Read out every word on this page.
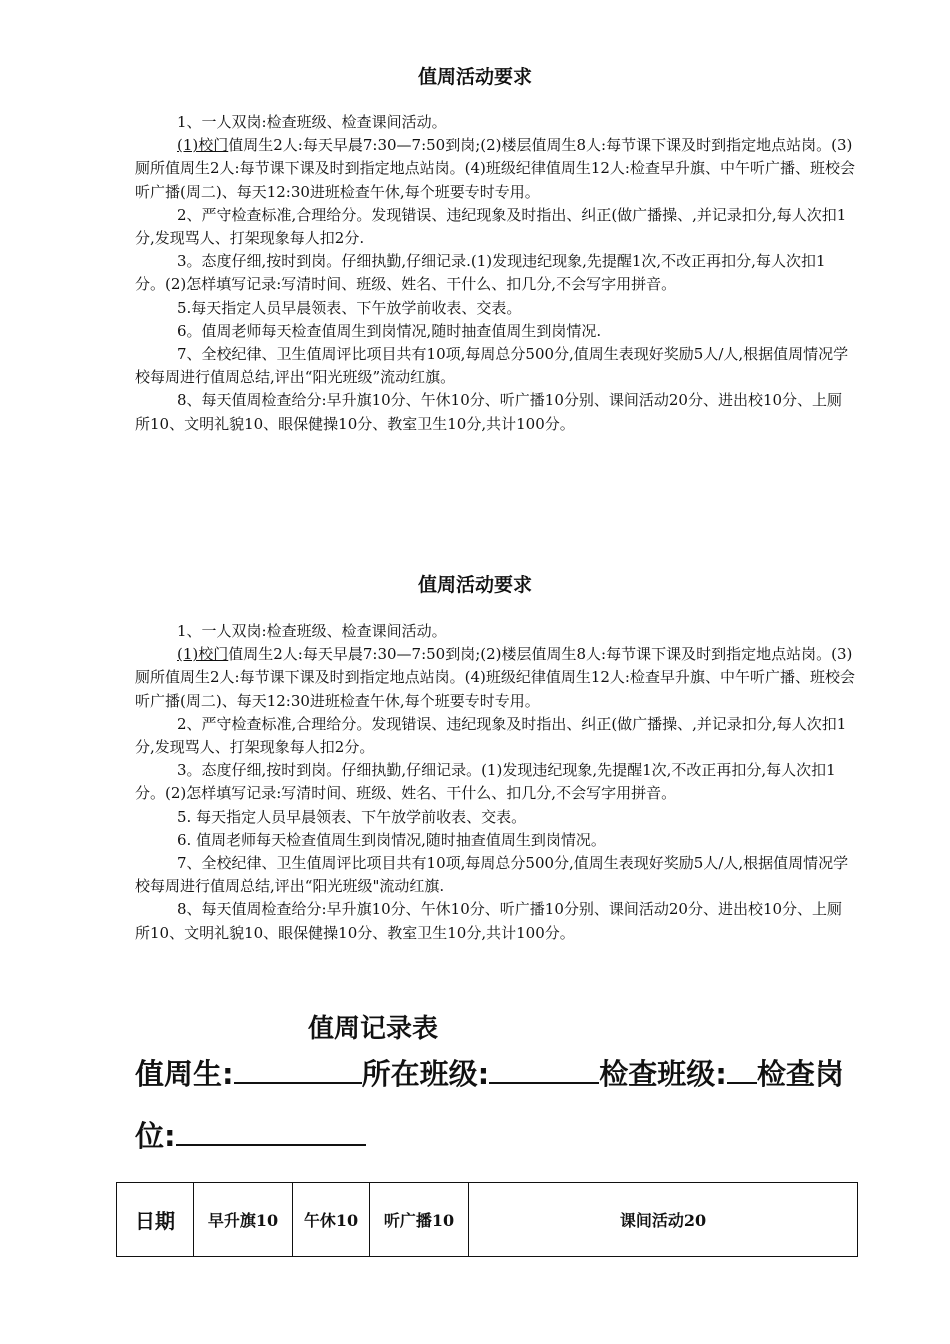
值周活动要求

1、一人双岗:检查班级、检查课间活动。

(1)校门值周生2人:每天早晨7:30—7:50到岗;(2)楼层值周生8人:每节课下课及时到指定地点站岗。(3)厕所值周生2人:每节课下课及时到指定地点站岗。(4)班级纪律值周生12人:检查早升旗、中午听广播、班校会听广播(周二)、每天12:30进班检查午休,每个班要专时专用。

2、严守检查标准,合理给分。发现错误、违纪现象及时指出、纠正(做广播操、,并记录扣分,每人次扣1分,发现骂人、打架现象每人扣2分.

3。态度仔细,按时到岗。仔细执勤,仔细记录.(1)发现违纪现象,先提醒1次,不改正再扣分,每人次扣1分。(2)怎样填写记录:写清时间、班级、姓名、干什么、扣几分,不会写字用拼音。

5.每天指定人员早晨领表、下午放学前收表、交表。

6。值周老师每天检查值周生到岗情况,随时抽查值周生到岗情况.

7、全校纪律、卫生值周评比项目共有10项,每周总分500分,值周生表现好奖励5人/人,根据值周情况学校每周进行值周总结,评出“阳光班级”流动红旗。

8、每天值周检查给分:早升旗10分、午休10分、听广播10分别、课间活动20分、进出校10分、上厕所10、文明礼貌10、眼保健操10分、教室卫生10分,共计100分。

值周活动要求

1、一人双岗:检查班级、检查课间活动。

(1)校门值周生2人:每天早晨7:30—7:50到岗;(2)楼层值周生8人:每节课下课及时到指定地点站岗。(3)厕所值周生2人:每节课下课及时到指定地点站岗。(4)班级纪律值周生12人:检查早升旗、中午听广播、班校会听广播(周二)、每天12:30进班检查午休,每个班要专时专用。

2、严守检查标准,合理给分。发现错误、违纪现象及时指出、纠正(做广播操、,并记录扣分,每人次扣1分,发现骂人、打架现象每人扣2分。

3。态度仔细,按时到岗。仔细执勤,仔细记录。(1)发现违纪现象,先提醒1次,不改正再扣分,每人次扣1分。(2)怎样填写记录:写清时间、班级、姓名、干什么、扣几分,不会写字用拼音。

5. 每天指定人员早晨领表、下午放学前收表、交表。

6. 值周老师每天检查值周生到岗情况,随时抽查值周生到岗情况。

7、全校纪律、卫生值周评比项目共有10项,每周总分500分,值周生表现好奖励5人/人,根据值周情况学校每周进行值周总结,评出“阳光班级"流动红旗.

8、每天值周检查给分:早升旗10分、午休10分、听广播10分别、课间活动20分、进出校10分、上厕所10、文明礼貌10、眼保健操10分、教室卫生10分,共计100分。

值周记录表
值周生:	所在班级:	检查班级: 检查岗
位:
日期	早升旗10	午休10	听广播10	课间活动20
